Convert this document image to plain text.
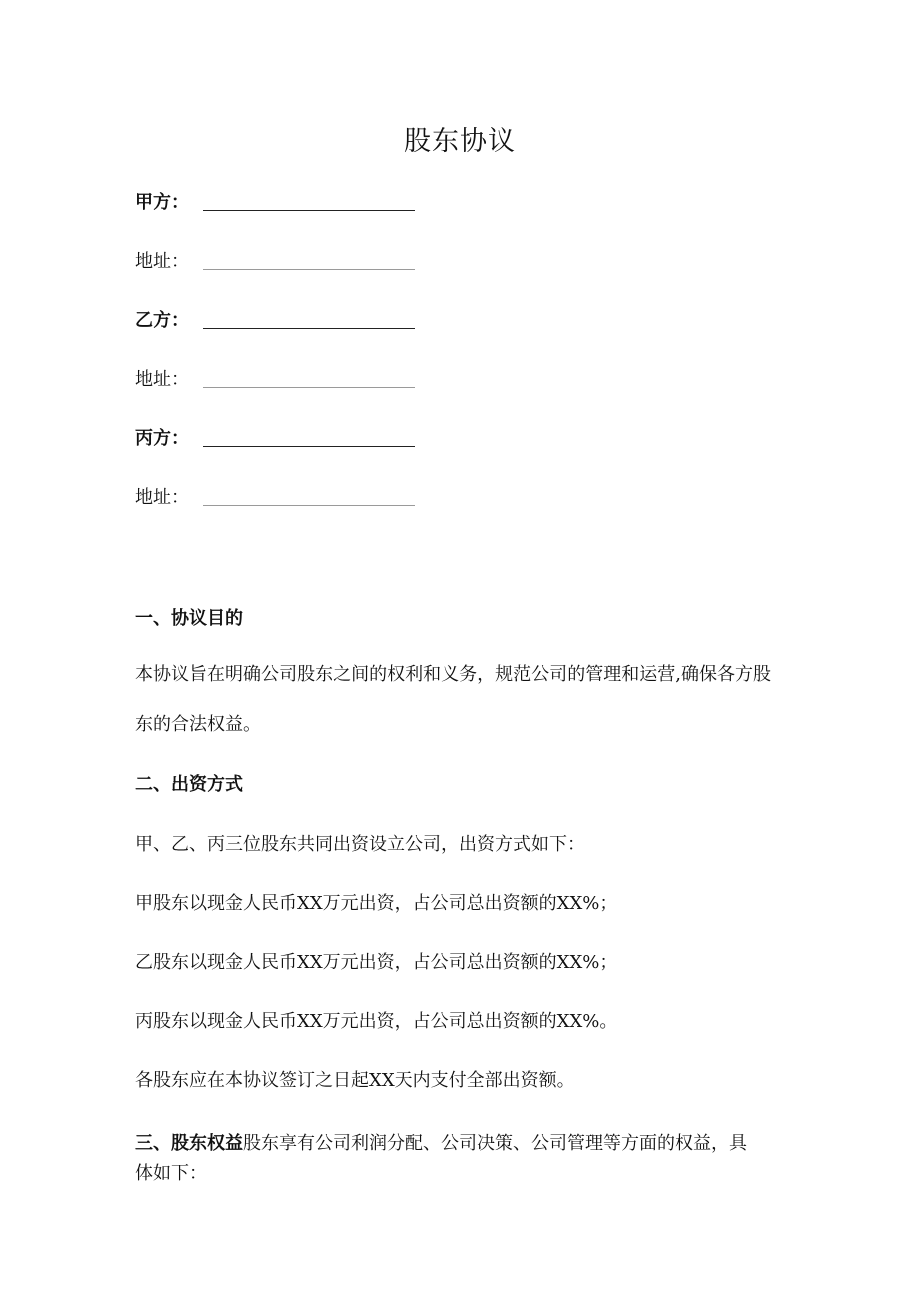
股东协议
甲方：
地址：
乙方：
地址：
丙方：
地址：
一、协议目的
本协议旨在明确公司股东之间的权利和义务，规范公司的管理和运营,确保各方股东的合法权益。
二、出资方式
甲、乙、丙三位股东共同出资设立公司，出资方式如下：
甲股东以现金人民币XX万元出资，占公司总出资额的XX%；
乙股东以现金人民币XX万元出资，占公司总出资额的XX%；
丙股东以现金人民币XX万元出资，占公司总出资额的XX%。
各股东应在本协议签订之日起XX天内支付全部出资额。
三、股东权益股东享有公司利润分配、公司决策、公司管理等方面的权益，具体如下：
